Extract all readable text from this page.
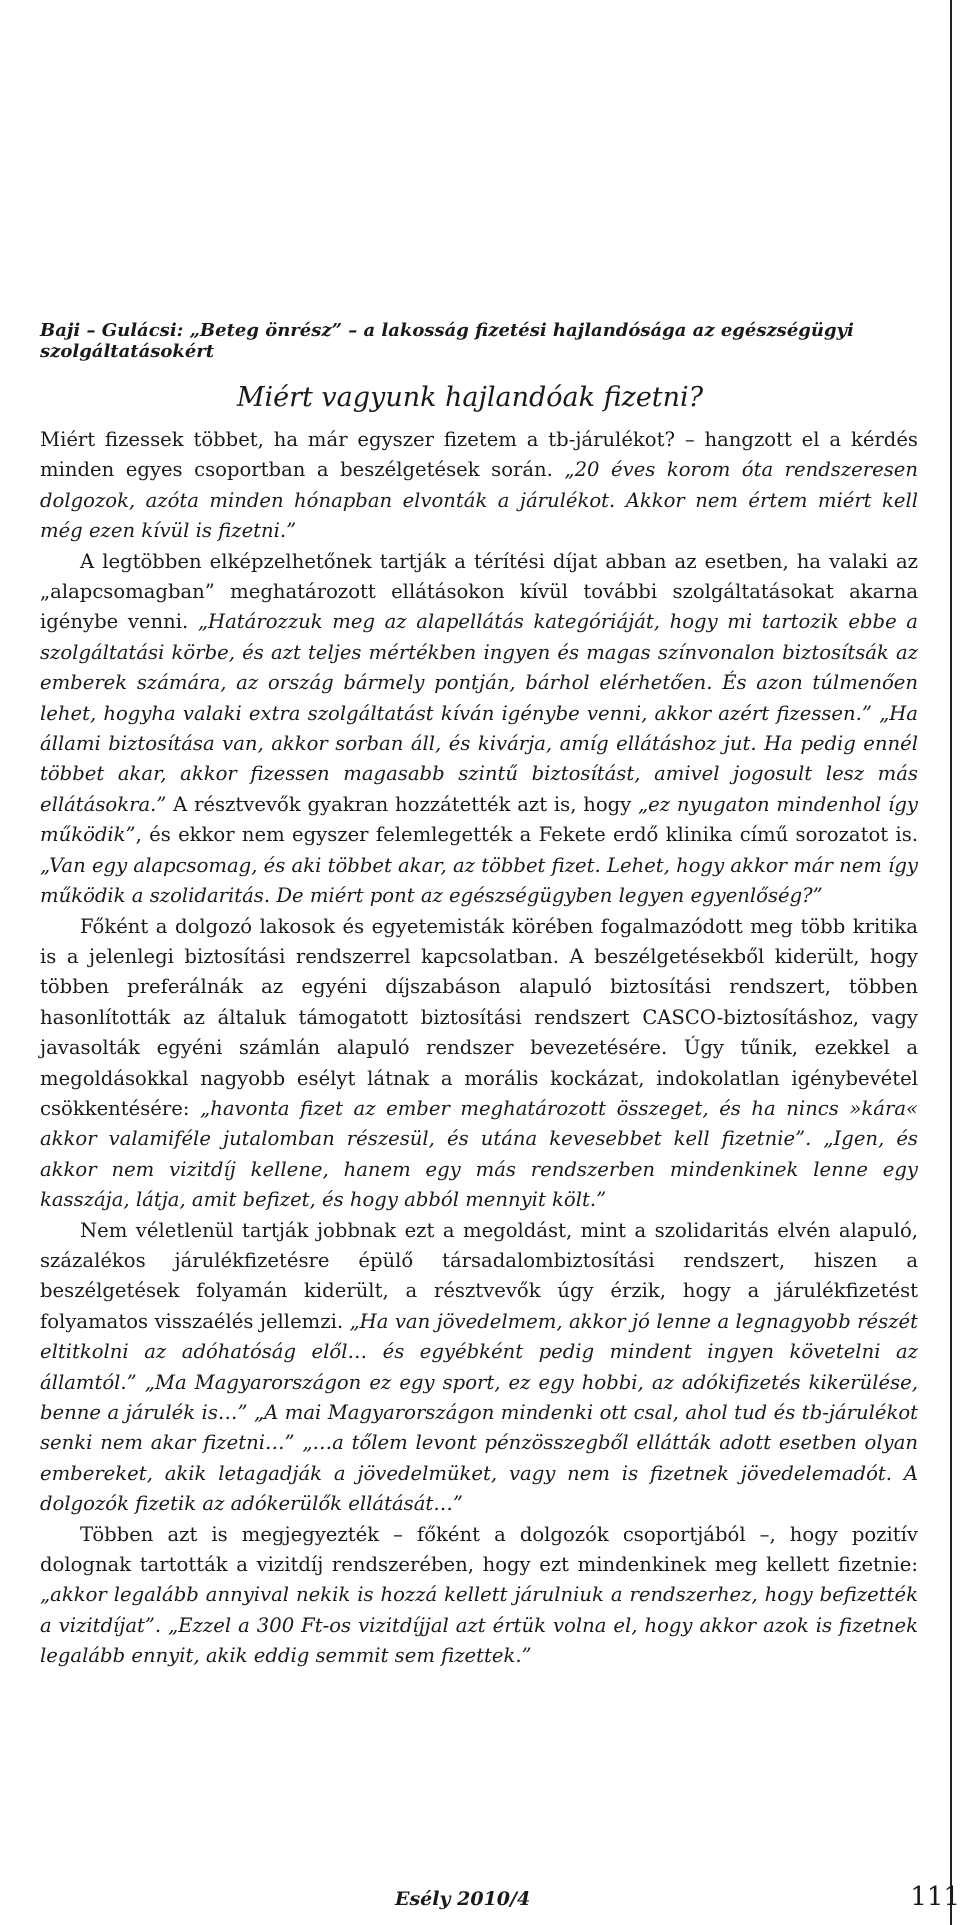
Baji – Gulácsi: „Beteg önrész” – a lakosság fizetési hajlandósága az egészségügyi szolgáltatásokért
Miért vagyunk hajlandóak fizetni?

Miért fizessek többet, ha már egyszer fizetem a tb-járulékot? – hangzott el a kérdés minden egyes csoportban a beszélgetések során. „20 éves korom óta rendszeresen dolgozok, azóta minden hónapban elvonták a járulékot. Akkor nem értem miért kell még ezen kívül is fizetni.”

A legtöbben elképzelhetőnek tartják a térítési díjat abban az esetben, ha valaki az „alapcsomagban” meghatározott ellátásokon kívül további szolgáltatásokat akarna igénybe venni. „Határozzuk meg az alapellátás kategóriáját, hogy mi tartozik ebbe a szolgáltatási körbe, és azt teljes mértékben ingyen és magas színvonalon biztosítsák az emberek számára, az ország bármely pontján, bárhol elérhetően. És azon túlmenően lehet, hogyha valaki extra szolgáltatást kíván igénybe venni, akkor azért fizessen.” „Ha állami biztosítása van, akkor sorban áll, és kivárja, amíg ellátáshoz jut. Ha pedig ennél többet akar, akkor fizessen magasabb szintű biztosítást, amivel jogosult lesz más ellátásokra.” A résztvevők gyakran hozzátették azt is, hogy „ez nyugaton mindenhol így működik”, és ekkor nem egyszer felemlegették a Fekete erdő klinika című sorozatot is. „Van egy alapcsomag, és aki többet akar, az többet fizet. Lehet, hogy akkor már nem így működik a szolidaritás. De miért pont az egészségügyben legyen egyenlőség?”

Főként a dolgozó lakosok és egyetemisták körében fogalmazódott meg több kritika is a jelenlegi biztosítási rendszerrel kapcsolatban. A beszélgetésekből kiderült, hogy többen preferálnák az egyéni díjszabáson alapuló biztosítási rendszert, többen hasonlították az általuk támogatott biztosítási rendszert CASCO-biztosításhoz, vagy javasolták egyéni számlán alapuló rendszer bevezetésére. Úgy tűnik, ezekkel a megoldásokkal nagyobb esélyt látnak a morális kockázat, indokolatlan igénybevétel csökkentésére: „havonta fizet az ember meghatározott összeget, és ha nincs »kára« akkor valamiféle jutalomban részesül, és utána kevesebbet kell fizetnie”. „Igen, és akkor nem vizitdíj kellene, hanem egy más rendszerben mindenkinek lenne egy kasszája, látja, amit befizet, és hogy abból mennyit költ.”

Nem véletlenül tartják jobbnak ezt a megoldást, mint a szolidaritás elvén alapuló, százalékos járulékfizetésre épülő társadalombiztosítási rendszert, hiszen a beszélgetések folyamán kiderült, a résztvevők úgy érzik, hogy a járulékfizetést folyamatos visszaélés jellemzi. „Ha van jövedelmem, akkor jó lenne a legnagyobb részét eltitkolni az adóhatóság elől… és egyébként pedig mindent ingyen követelni az államtól.” „Ma Magyarországon ez egy sport, ez egy hobbi, az adókifizetés kikerülése, benne a járulék is…” „A mai Magyarországon mindenki ott csal, ahol tud és tb-járulékot senki nem akar fizetni…” „…a tőlem levont pénzösszegből ellátták adott esetben olyan embereket, akik letagadják a jövedelmüket, vagy nem is fizetnek jövedelemadót. A dolgozók fizetik az adókerülők ellátását…”

Többen azt is megjegyezték – főként a dolgozók csoportjából –, hogy pozitív dolognak tartották a vizitdíj rendszerében, hogy ezt mindenkinek meg kellett fizetnie: „akkor legalább annyival nekik is hozzá kellett járulniuk a rendszerhez, hogy befizették a vizitdíjat”. „Ezzel a 300 Ft-os vizitdíjjal azt értük volna el, hogy akkor azok is fizetnek legalább ennyit, akik eddig semmit sem fizettek.”

Esély 2010/4	111
